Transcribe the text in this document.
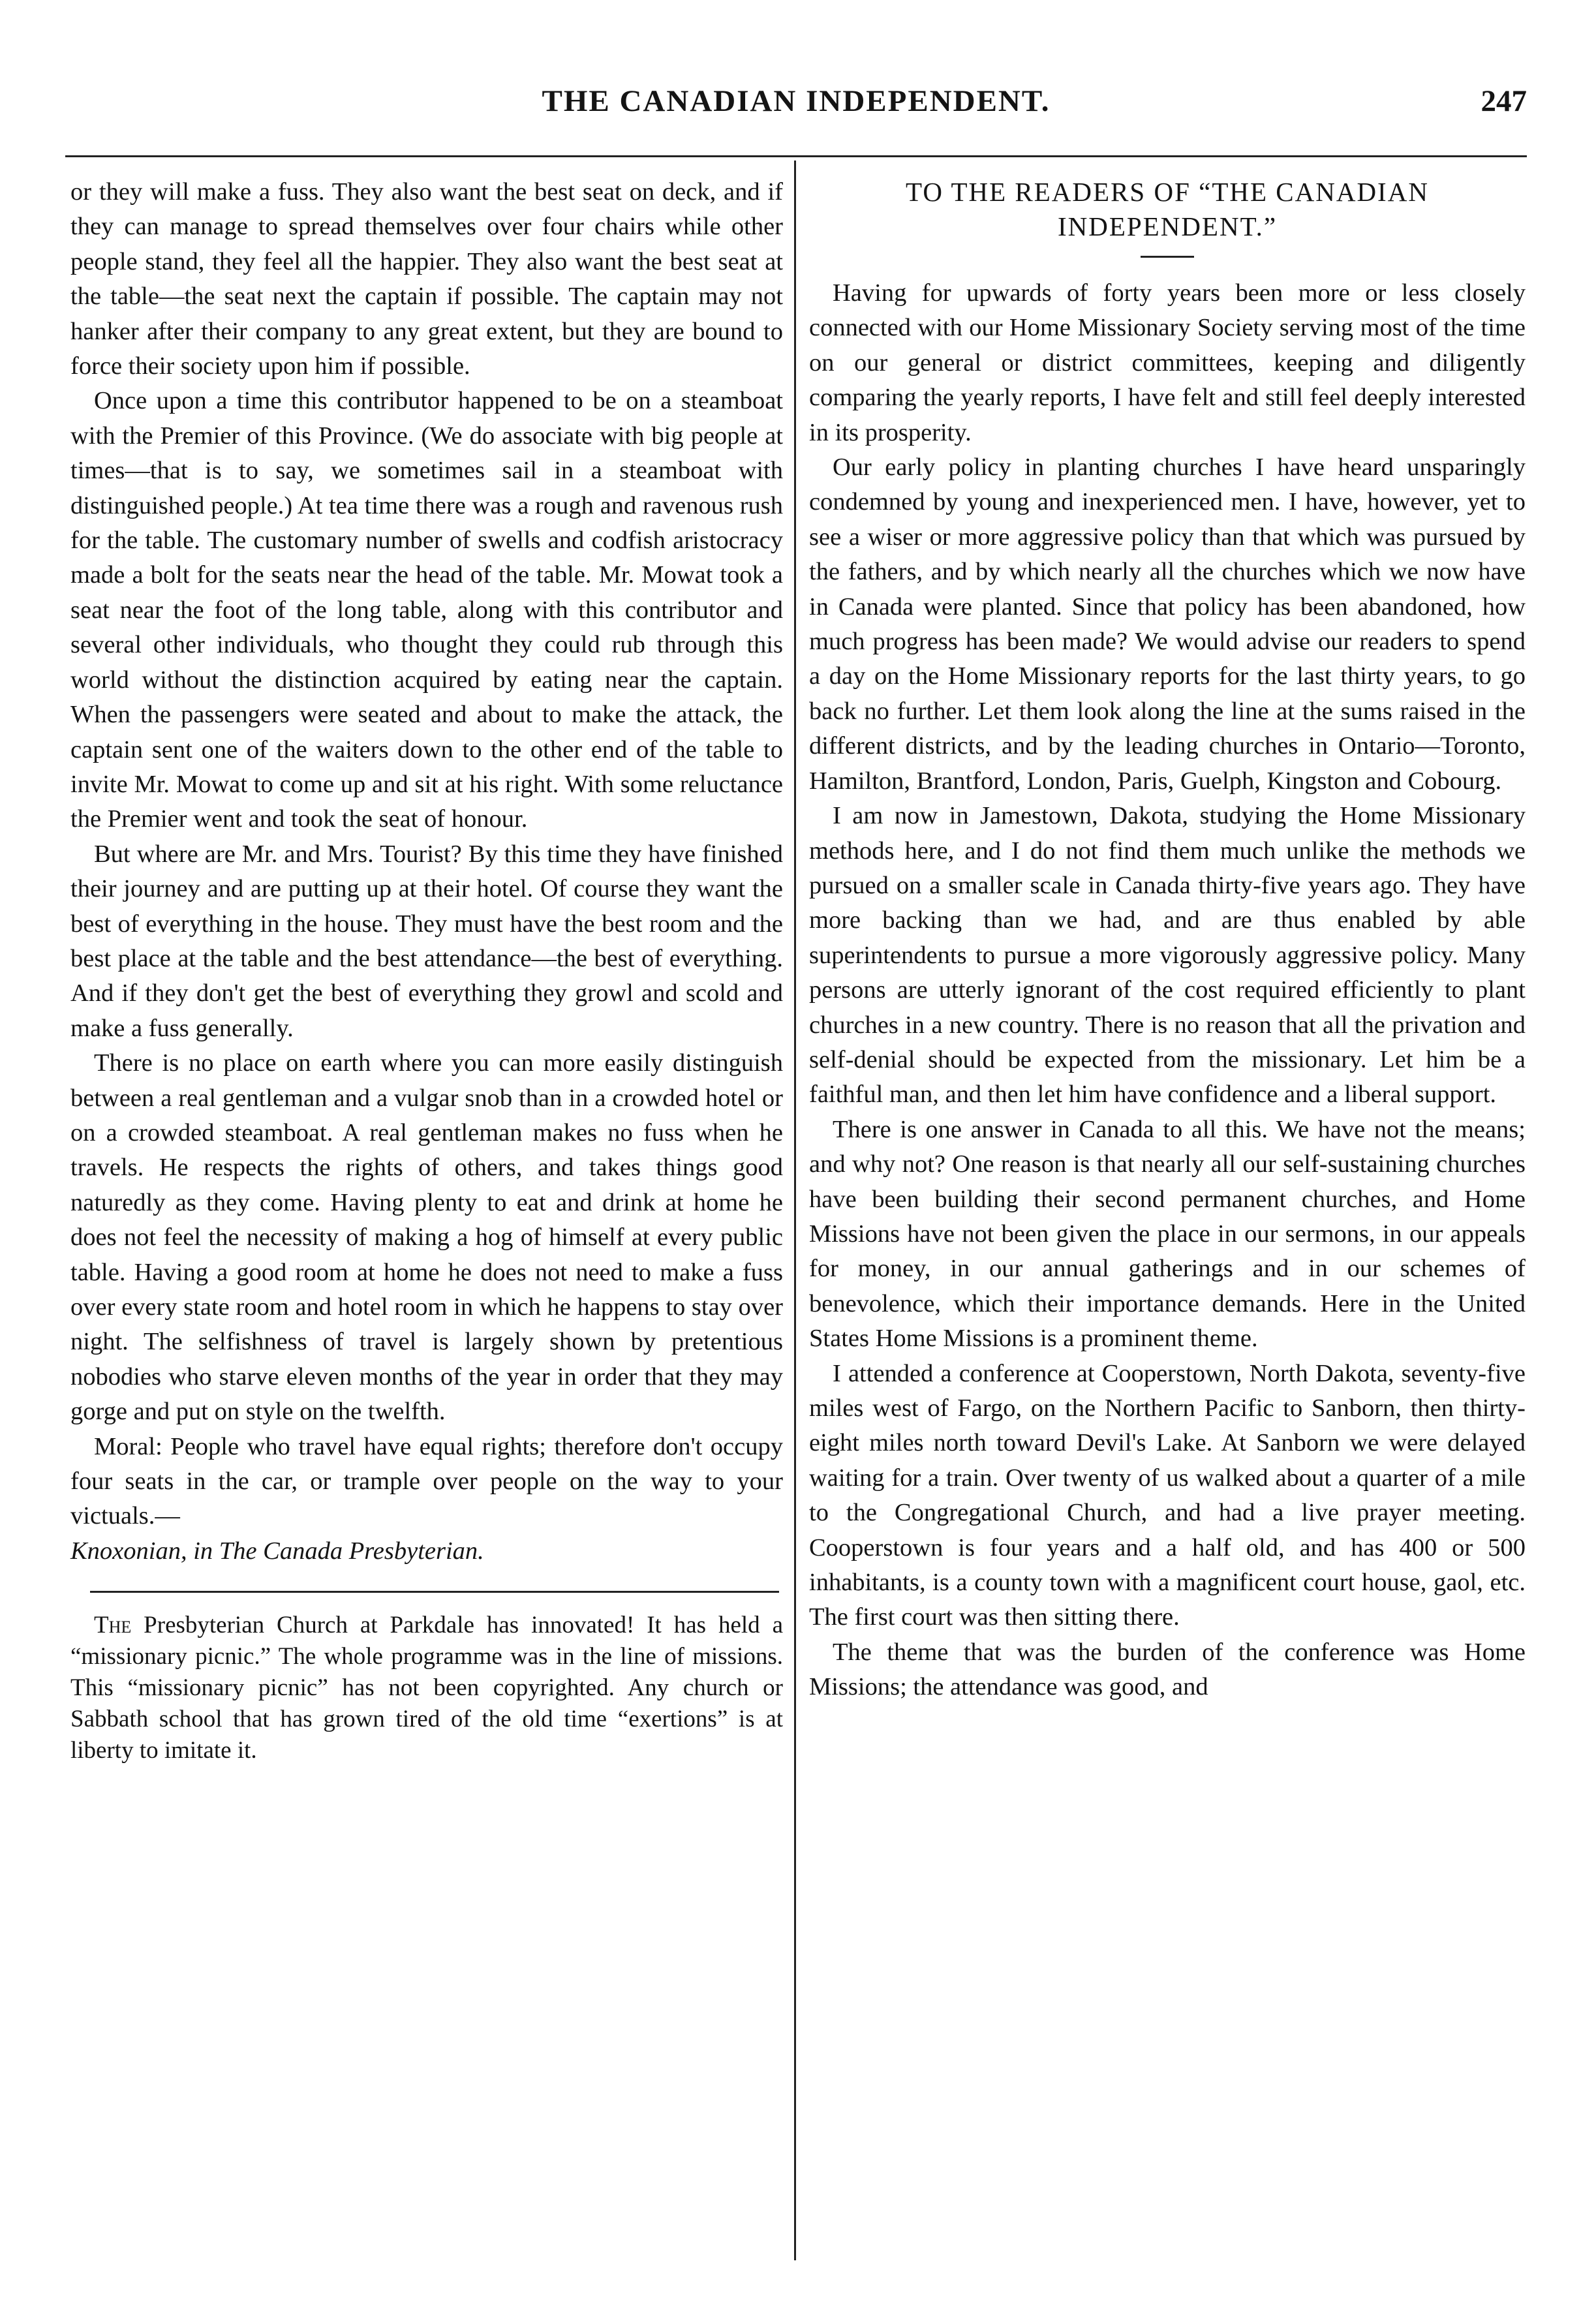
THE CANADIAN INDEPENDENT.	247

or they will make a fuss. They also want the best seat on deck, and if they can manage to spread themselves over four chairs while other people stand, they feel all the happier. They also want the best seat at the table—the seat next the captain if possible. The captain may not hanker after their company to any great extent, but they are bound to force their society upon him if possible.

Once upon a time this contributor happened to be on a steamboat with the Premier of this Province. (We do associate with big people at times—that is to say, we sometimes sail in a steamboat with distinguished people.) At tea time there was a rough and ravenous rush for the table. The customary number of swells and codfish aristocracy made a bolt for the seats near the head of the table. Mr. Mowat took a seat near the foot of the long table, along with this contributor and several other individuals, who thought they could rub through this world without the distinction acquired by eating near the captain. When the passengers were seated and about to make the attack, the captain sent one of the waiters down to the other end of the table to invite Mr. Mowat to come up and sit at his right. With some reluctance the Premier went and took the seat of honour.

But where are Mr. and Mrs. Tourist? By this time they have finished their journey and are putting up at their hotel. Of course they want the best of everything in the house. They must have the best room and the best place at the table and the best attendance—the best of everything. And if they don't get the best of everything they growl and scold and make a fuss generally.

There is no place on earth where you can more easily distinguish between a real gentleman and a vulgar snob than in a crowded hotel or on a crowded steamboat. A real gentleman makes no fuss when he travels. He respects the rights of others, and takes things good naturedly as they come. Having plenty to eat and drink at home he does not feel the necessity of making a hog of himself at every public table. Having a good room at home he does not need to make a fuss over every state room and hotel room in which he happens to stay over night. The selfishness of travel is largely shown by pretentious nobodies who starve eleven months of the year in order that they may gorge and put on style on the twelfth.

Moral: People who travel have equal rights; therefore don't occupy four seats in the car, or trample over people on the way to your victuals.—

Knoxonian, in The Canada Presbyterian.

The Presbyterian Church at Parkdale has innovated! It has held a “missionary picnic.” The whole programme was in the line of missions. This “missionary picnic” has not been copyrighted. Any church or Sabbath school that has grown tired of the old time “exertions” is at liberty to imitate it.

TO THE READERS OF “THE CANADIAN INDEPENDENT.”

Having for upwards of forty years been more or less closely connected with our Home Missionary Society serving most of the time on our general or district committees, keeping and diligently comparing the yearly reports, I have felt and still feel deeply interested in its prosperity.

Our early policy in planting churches I have heard unsparingly condemned by young and inexperienced men. I have, however, yet to see a wiser or more aggressive policy than that which was pursued by the fathers, and by which nearly all the churches which we now have in Canada were planted. Since that policy has been abandoned, how much progress has been made? We would advise our readers to spend a day on the Home Missionary reports for the last thirty years, to go back no further. Let them look along the line at the sums raised in the different districts, and by the leading churches in Ontario—Toronto, Hamilton, Brantford, London, Paris, Guelph, Kingston and Cobourg.

I am now in Jamestown, Dakota, studying the Home Missionary methods here, and I do not find them much unlike the methods we pursued on a smaller scale in Canada thirty-five years ago. They have more backing than we had, and are thus enabled by able superintendents to pursue a more vigorously aggressive policy. Many persons are utterly ignorant of the cost required efficiently to plant churches in a new country. There is no reason that all the privation and self-denial should be expected from the missionary. Let him be a faithful man, and then let him have confidence and a liberal support.

There is one answer in Canada to all this. We have not the means; and why not? One reason is that nearly all our self-sustaining churches have been building their second permanent churches, and Home Missions have not been given the place in our sermons, in our appeals for money, in our annual gatherings and in our schemes of benevolence, which their importance demands. Here in the United States Home Missions is a prominent theme.

I attended a conference at Cooperstown, North Dakota, seventy-five miles west of Fargo, on the Northern Pacific to Sanborn, then thirty-eight miles north toward Devil's Lake. At Sanborn we were delayed waiting for a train. Over twenty of us walked about a quarter of a mile to the Congregational Church, and had a live prayer meeting. Cooperstown is four years and a half old, and has 400 or 500 inhabitants, is a county town with a magnificent court house, gaol, etc. The first court was then sitting there.

The theme that was the burden of the conference was Home Missions; the attendance was good, and
